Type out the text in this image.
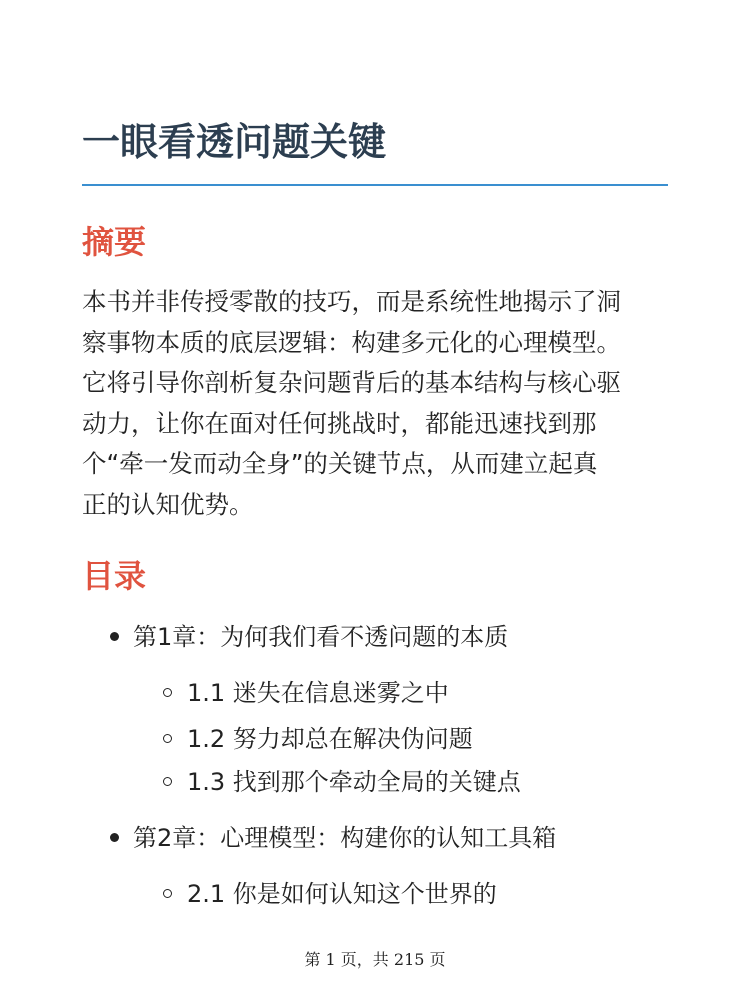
一眼看透问题关键
摘要

本书并非传授零散的技巧，而是系统性地揭示了洞
察事物本质的底层逻辑：构建多元化的心理模型。
它将引导你剖析复杂问题背后的基本结构与核心驱
动力，让你在面对任何挑战时，都能迅速找到那
个“牵一发而动全身”的关键节点，从而建立起真
正的认知优势。

目录
第1章：为何我们看不透问题的本质
1.1 迷失在信息迷雾之中
1.2 努力却总在解决伪问题
1.3 找到那个牵动全局的关键点
第2章：心理模型：构建你的认知工具箱
2.1 你是如何认知这个世界的
第 1 页，共 215 页
